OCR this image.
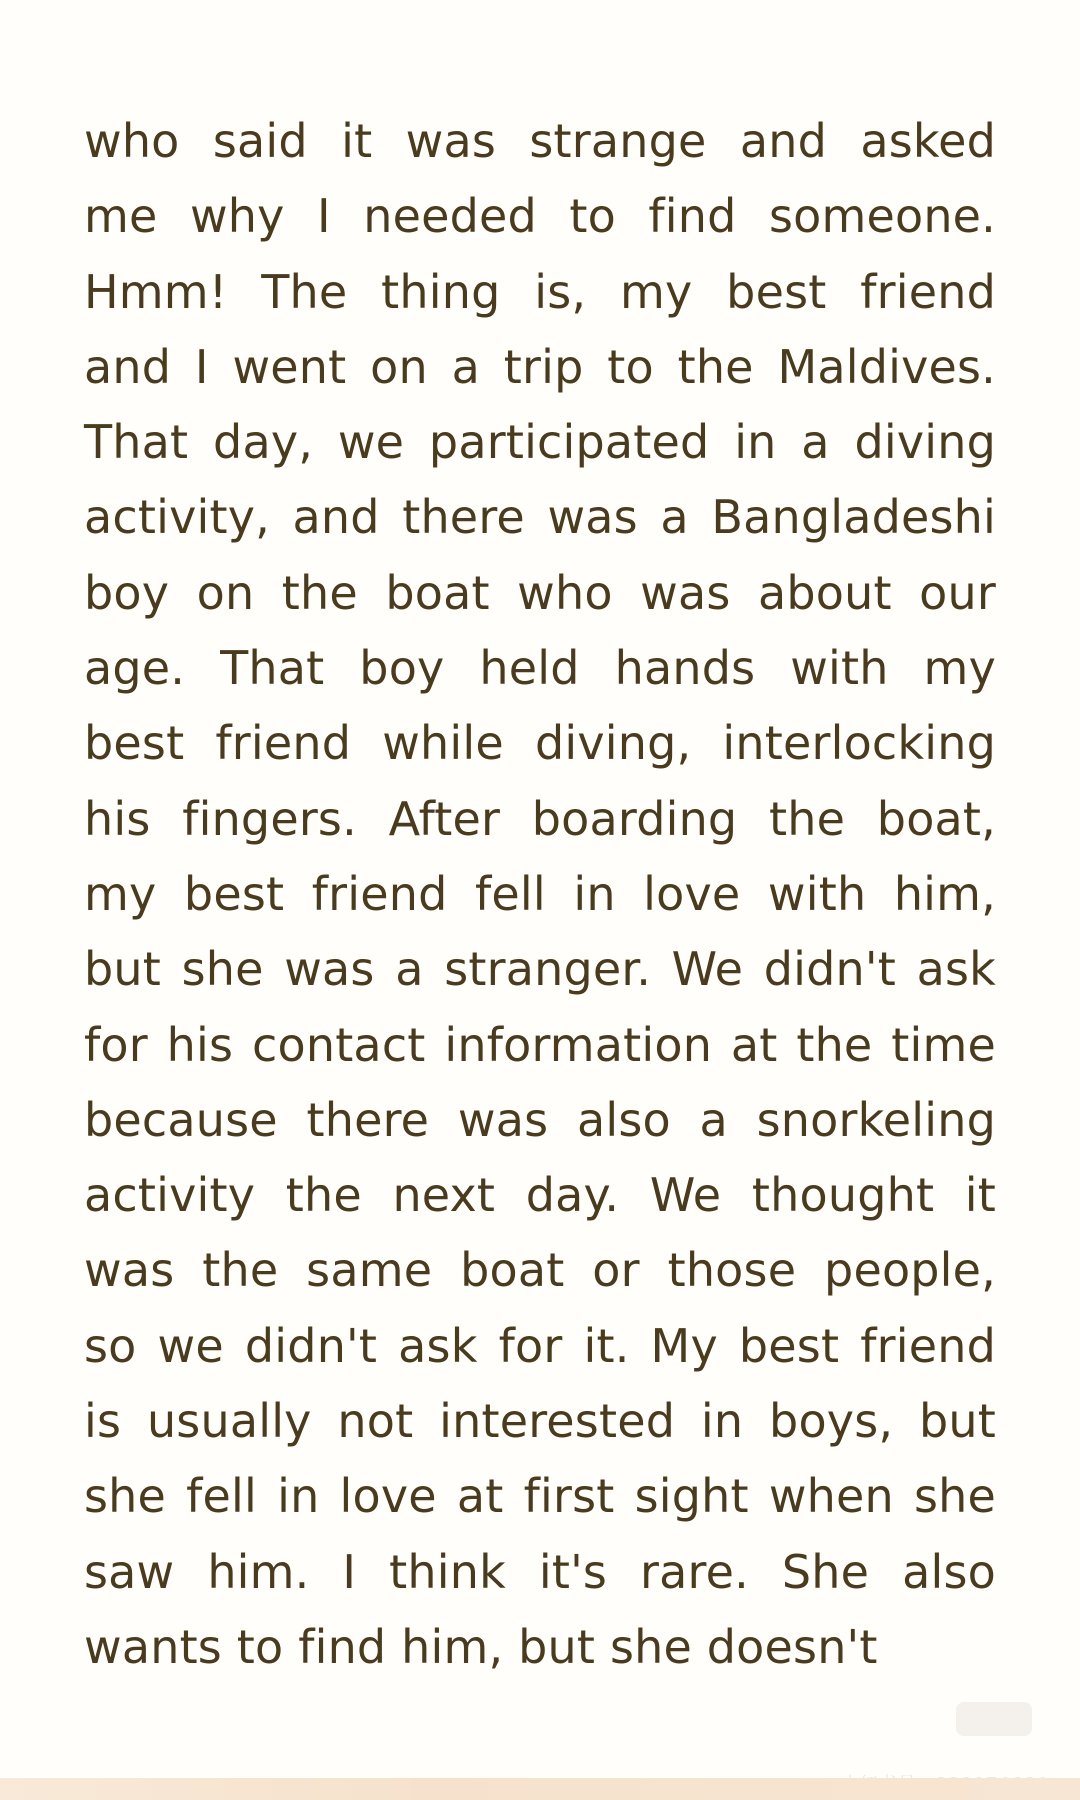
who said it was strange and asked
me why I needed to find someone.
Hmm! The thing is, my best friend
and I went on a trip to the Maldives.
That day, we participated in a diving
activity, and there was a Bangladeshi
boy on the boat who was about our
age. That boy held hands with my
best friend while diving, interlocking
his fingers. After boarding the boat,
my best friend fell in love with him,
but she was a stranger. We didn't ask
for his contact information at the time
because there was also a snorkeling
activity the next day. We thought it
was the same boat or those people,
so we didn't ask for it. My best friend
is usually not interested in boys, but
she fell in love at first sight when she
saw him. I think it's rare. She also
wants to find him, but she doesn't
